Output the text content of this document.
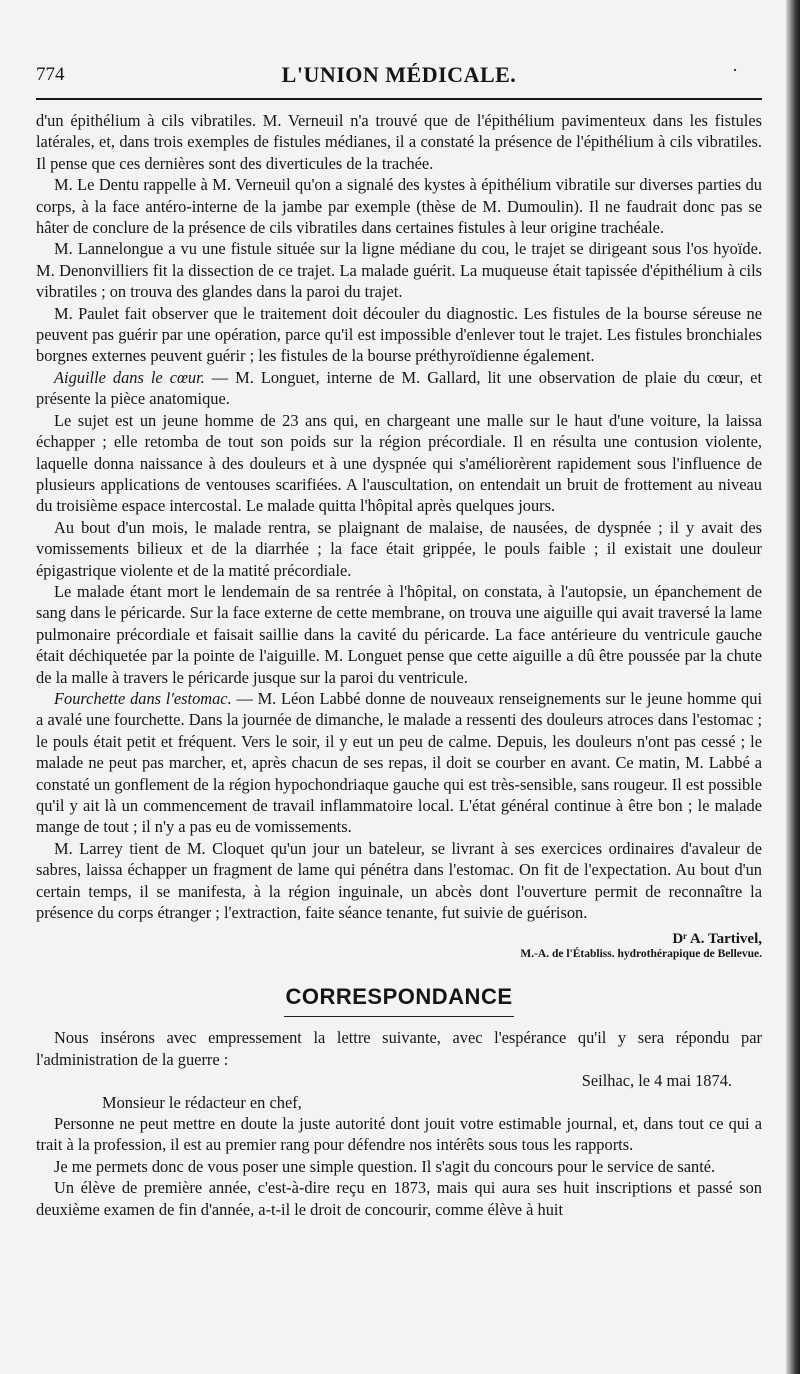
774	L'UNION MÉDICALE.	·

d'un épithélium à cils vibratiles. M. Verneuil n'a trouvé que de l'épithélium pavimenteux dans les fistules latérales, et, dans trois exemples de fistules médianes, il a constaté la présence de l'épithélium à cils vibratiles. Il pense que ces dernières sont des diverticules de la trachée.

M. Le Dentu rappelle à M. Verneuil qu'on a signalé des kystes à épithélium vibratile sur diverses parties du corps, à la face antéro-interne de la jambe par exemple (thèse de M. Dumoulin). Il ne faudrait donc pas se hâter de conclure de la présence de cils vibratiles dans certaines fistules à leur origine trachéale.

M. Lannelongue a vu une fistule située sur la ligne médiane du cou, le trajet se dirigeant sous l'os hyoïde. M. Denonvilliers fit la dissection de ce trajet. La malade guérit. La muqueuse était tapissée d'épithélium à cils vibratiles ; on trouva des glandes dans la paroi du trajet.

M. Paulet fait observer que le traitement doit découler du diagnostic. Les fistules de la bourse séreuse ne peuvent pas guérir par une opération, parce qu'il est impossible d'enlever tout le trajet. Les fistules bronchiales borgnes externes peuvent guérir ; les fistules de la bourse préthyroïdienne également.

Aiguille dans le cœur. — M. Longuet, interne de M. Gallard, lit une observation de plaie du cœur, et présente la pièce anatomique.

Le sujet est un jeune homme de 23 ans qui, en chargeant une malle sur le haut d'une voiture, la laissa échapper ; elle retomba de tout son poids sur la région précordiale. Il en résulta une contusion violente, laquelle donna naissance à des douleurs et à une dyspnée qui s'améliorèrent rapidement sous l'influence de plusieurs applications de ventouses scarifiées. A l'auscultation, on entendait un bruit de frottement au niveau du troisième espace intercostal. Le malade quitta l'hôpital après quelques jours.

Au bout d'un mois, le malade rentra, se plaignant de malaise, de nausées, de dyspnée ; il y avait des vomissements bilieux et de la diarrhée ; la face était grippée, le pouls faible ; il existait une douleur épigastrique violente et de la matité précordiale.

Le malade étant mort le lendemain de sa rentrée à l'hôpital, on constata, à l'autopsie, un épanchement de sang dans le péricarde. Sur la face externe de cette membrane, on trouva une aiguille qui avait traversé la lame pulmonaire précordiale et faisait saillie dans la cavité du péricarde. La face antérieure du ventricule gauche était déchiquetée par la pointe de l'aiguille. M. Longuet pense que cette aiguille a dû être poussée par la chute de la malle à travers le péricarde jusque sur la paroi du ventricule.

Fourchette dans l'estomac. — M. Léon Labbé donne de nouveaux renseignements sur le jeune homme qui a avalé une fourchette. Dans la journée de dimanche, le malade a ressenti des douleurs atroces dans l'estomac ; le pouls était petit et fréquent. Vers le soir, il y eut un peu de calme. Depuis, les douleurs n'ont pas cessé ; le malade ne peut pas marcher, et, après chacun de ses repas, il doit se courber en avant. Ce matin, M. Labbé a constaté un gonflement de la région hypochondriaque gauche qui est très-sensible, sans rougeur. Il est possible qu'il y ait là un commencement de travail inflammatoire local. L'état général continue à être bon ; le malade mange de tout ; il n'y a pas eu de vomissements.

M. Larrey tient de M. Cloquet qu'un jour un bateleur, se livrant à ses exercices ordinaires d'avaleur de sabres, laissa échapper un fragment de lame qui pénétra dans l'estomac. On fit de l'expectation. Au bout d'un certain temps, il se manifesta, à la région inguinale, un abcès dont l'ouverture permit de reconnaître la présence du corps étranger ; l'extraction, faite séance tenante, fut suivie de guérison.

Dʳ A. Tartivel,
M.-A. de l'Établiss. hydrothérapique de Bellevue.
CORRESPONDANCE

Nous insérons avec empressement la lettre suivante, avec l'espérance qu'il y sera répondu par l'administration de la guerre :

Seilhac, le 4 mai 1874.
Monsieur le rédacteur en chef,

Personne ne peut mettre en doute la juste autorité dont jouit votre estimable journal, et, dans tout ce qui a trait à la profession, il est au premier rang pour défendre nos intérêts sous tous les rapports.

Je me permets donc de vous poser une simple question. Il s'agit du concours pour le service de santé.

Un élève de première année, c'est-à-dire reçu en 1873, mais qui aura ses huit inscriptions et passé son deuxième examen de fin d'année, a-t-il le droit de concourir, comme élève à huit
